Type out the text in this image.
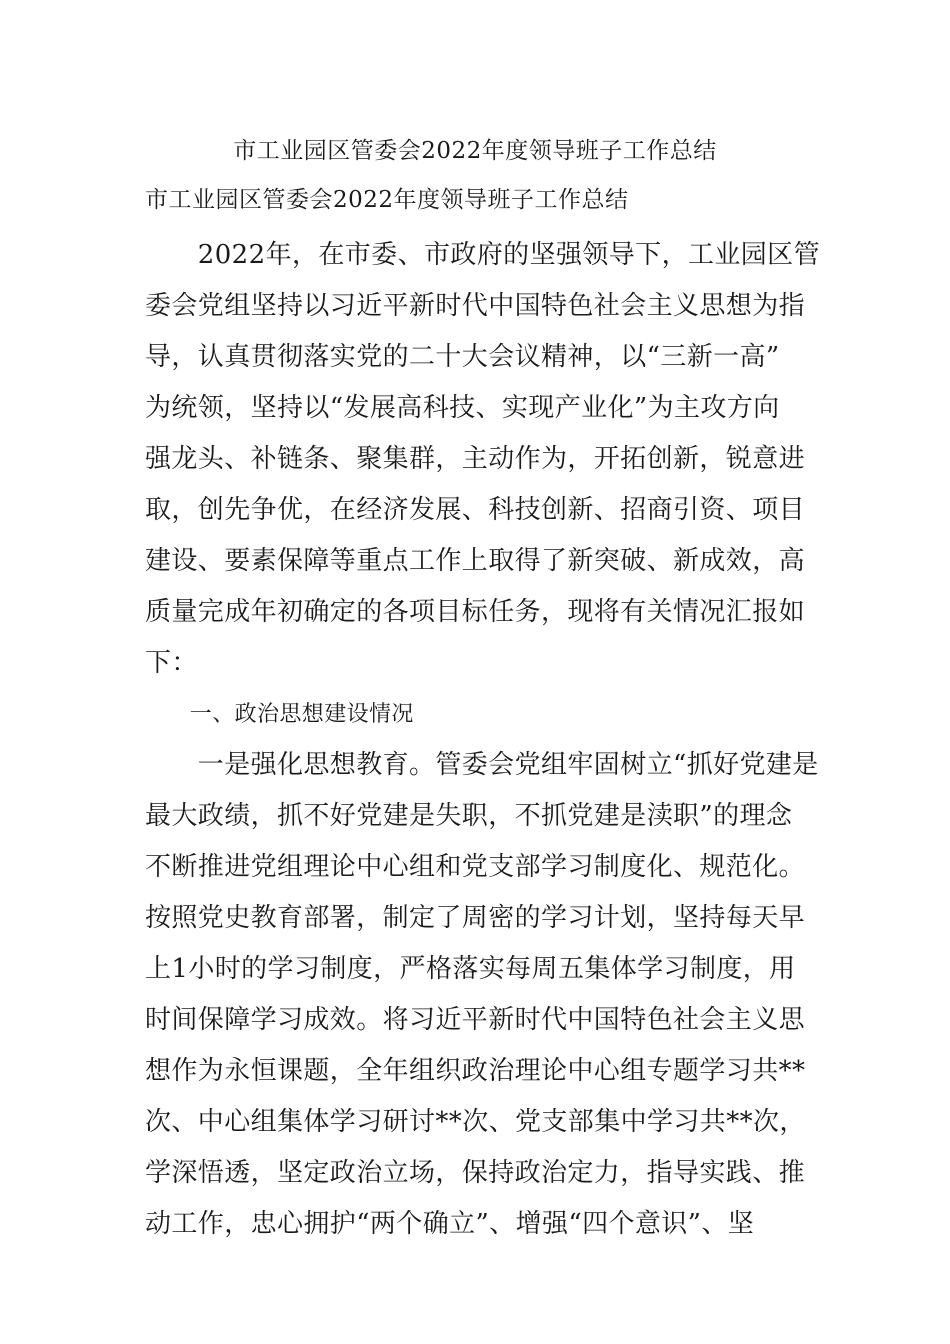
市工业园区管委会2022年度领导班子工作总结
市工业园区管委会2022年度领导班子工作总结
　　2022年，在市委、市政府的坚强领导下，工业园区管
委会党组坚持以习近平新时代中国特色社会主义思想为指
导，认真贯彻落实党的二十大会议精神，以“三新一高”
为统领，坚持以“发展高科技、实现产业化”为主攻方向
强龙头、补链条、聚集群，主动作为，开拓创新，锐意进
取，创先争优，在经济发展、科技创新、招商引资、项目
建设、要素保障等重点工作上取得了新突破、新成效，高
质量完成年初确定的各项目标任务，现将有关情况汇报如
下：
　　一、政治思想建设情况
　　一是强化思想教育。管委会党组牢固树立“抓好党建是
最大政绩，抓不好党建是失职，不抓党建是渎职”的理念
不断推进党组理论中心组和党支部学习制度化、规范化。
按照党史教育部署，制定了周密的学习计划，坚持每天早
上1小时的学习制度，严格落实每周五集体学习制度，用
时间保障学习成效。将习近平新时代中国特色社会主义思
想作为永恒课题，全年组织政治理论中心组专题学习共**
次、中心组集体学习研讨**次、党支部集中学习共**次，
学深悟透，坚定政治立场，保持政治定力，指导实践、推
动工作，忠心拥护“两个确立”、增强“四个意识”、坚
